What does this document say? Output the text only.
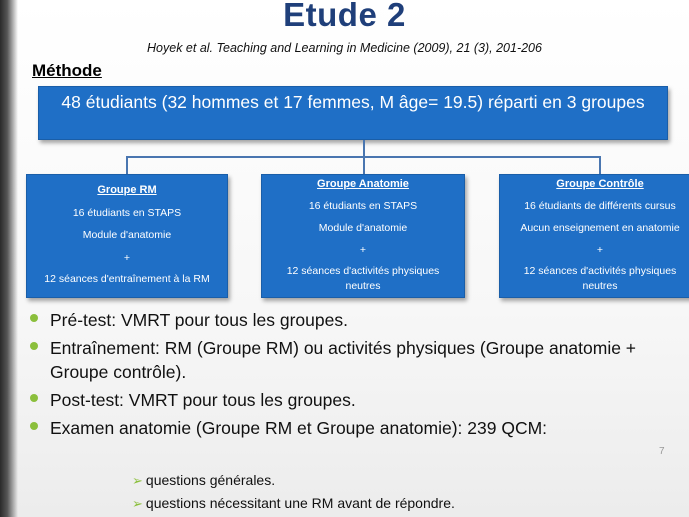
Etude 2
Hoyek et al. Teaching and Learning in Medicine (2009), 21 (3), 201-206
Méthode
48 étudiants (32 hommes et 17 femmes, M âge= 19.5) réparti en 3 groupes
Groupe RM
16 étudiants en STAPS
Module d'anatomie
+
12 séances d'entraînement à la RM
Groupe Anatomie
16 étudiants en STAPS
Module d'anatomie
+
12 séances d'activités physiques
neutres
Groupe Contrôle
16 étudiants de différents cursus
Aucun enseignement en anatomie
+
12 séances d'activités physiques
neutres
Pré-test: VMRT pour tous les groupes.
Entraînement: RM (Groupe RM) ou activités physiques (Groupe anatomie + Groupe contrôle).
Post-test: VMRT pour tous les groupes.
Examen anatomie (Groupe RM et Groupe anatomie): 239 QCM:
➢ questions générales.
➢ questions nécessitant une RM avant de répondre.
7
